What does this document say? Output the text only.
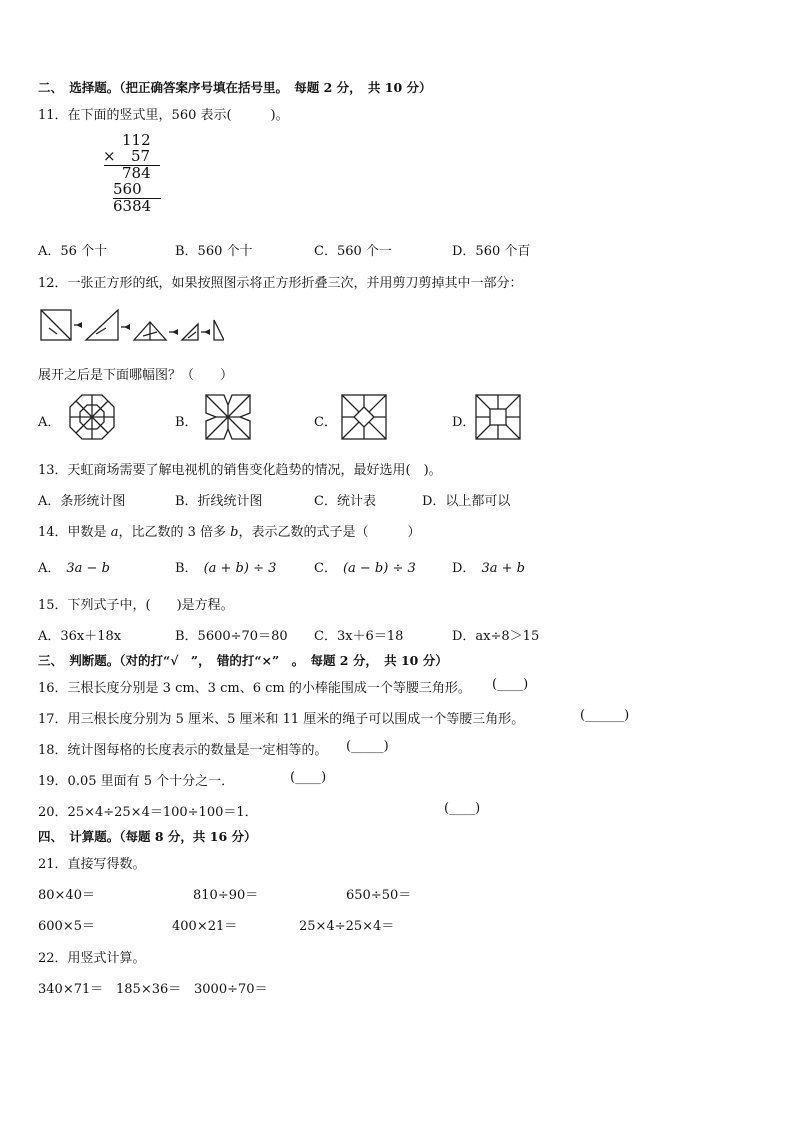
二、　选择题。（把正确答案序号填在括号里。　每题 2 分，　共 10 分）
11．在下面的竖式里，560 表示(　　　)。
112
× 57
784
560
6384
A．56 个十	B．560 个十	C．560 个一	D．560 个百
12．一张正方形的纸，如果按照图示将正方形折叠三次，并用剪刀剪掉其中一部分：
展开之后是下面哪幅图？（　　）
A．	B．	C．	D．
13．天虹商场需要了解电视机的销售变化趋势的情况，最好选用(　)。
A．条形统计图	B．折线统计图	C．统计表	D．以上都可以
14．甲数是 a，比乙数的 3 倍多 b，表示乙数的式子是（　　　）
A． 3a − b	B． (a + b) ÷ 3	C． (a − b) ÷ 3	D． 3a + b
15．下列式子中，(　　)是方程。
A．36x＋18x	B．5600÷70＝80 C．3x＋6＝18	D．ax÷8＞15
三、　判断题。（对的打“√　”，　错的打“×”　。　每题 2 分，　共 10 分）
16．三根长度分别是 3 cm、3 cm、6 cm 的小棒能围成一个等腰三角形。 (____)
17．用三根长度分别为 5 厘米、5 厘米和 11 厘米的绳子可以围成一个等腰三角形。	(______)
18．统计图每格的长度表示的数量是一定相等的。 (_____)
19．0.05 里面有 5 个十分之一．	(____)
20．25×4÷25×4＝100÷100＝1．	(____)
四、　计算题。（每题 8 分，共 16 分）
21．直接写得数。
80×40＝	810÷90＝	650÷50＝
600×5＝	400×21＝	25×4÷25×4＝
22．用竖式计算。
340×71＝ 185×36＝ 3000÷70＝
